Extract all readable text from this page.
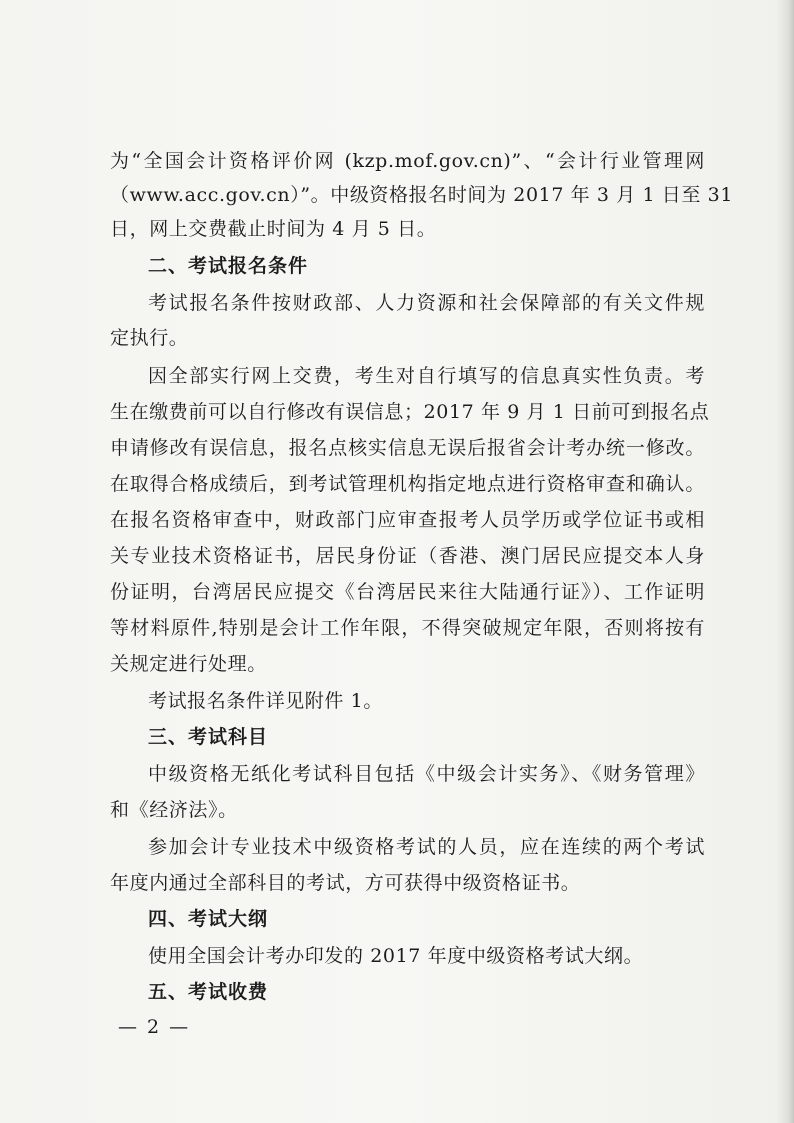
为“全国会计资格评价网 (kzp.mof.gov.cn)”、“会计行业管理网
（www.acc.gov.cn）”。中级资格报名时间为 2017 年 3 月 1 日至 31
日，网上交费截止时间为 4 月 5 日。
二、考试报名条件
考试报名条件按财政部、人力资源和社会保障部的有关文件规
定执行。
因全部实行网上交费，考生对自行填写的信息真实性负责。考
生在缴费前可以自行修改有误信息；2017 年 9 月 1 日前可到报名点
申请修改有误信息，报名点核实信息无误后报省会计考办统一修改。
在取得合格成绩后，到考试管理机构指定地点进行资格审查和确认。
在报名资格审查中，财政部门应审查报考人员学历或学位证书或相
关专业技术资格证书，居民身份证（香港、澳门居民应提交本人身
份证明，台湾居民应提交《台湾居民来往大陆通行证》）、工作证明
等材料原件,特别是会计工作年限，不得突破规定年限，否则将按有
关规定进行处理。
考试报名条件详见附件 1。
三、考试科目
中级资格无纸化考试科目包括《中级会计实务》、《财务管理》
和《经济法》。
参加会计专业技术中级资格考试的人员，应在连续的两个考试
年度内通过全部科目的考试，方可获得中级资格证书。
四、考试大纲
使用全国会计考办印发的 2017 年度中级资格考试大纲。
五、考试收费
— 2 —
